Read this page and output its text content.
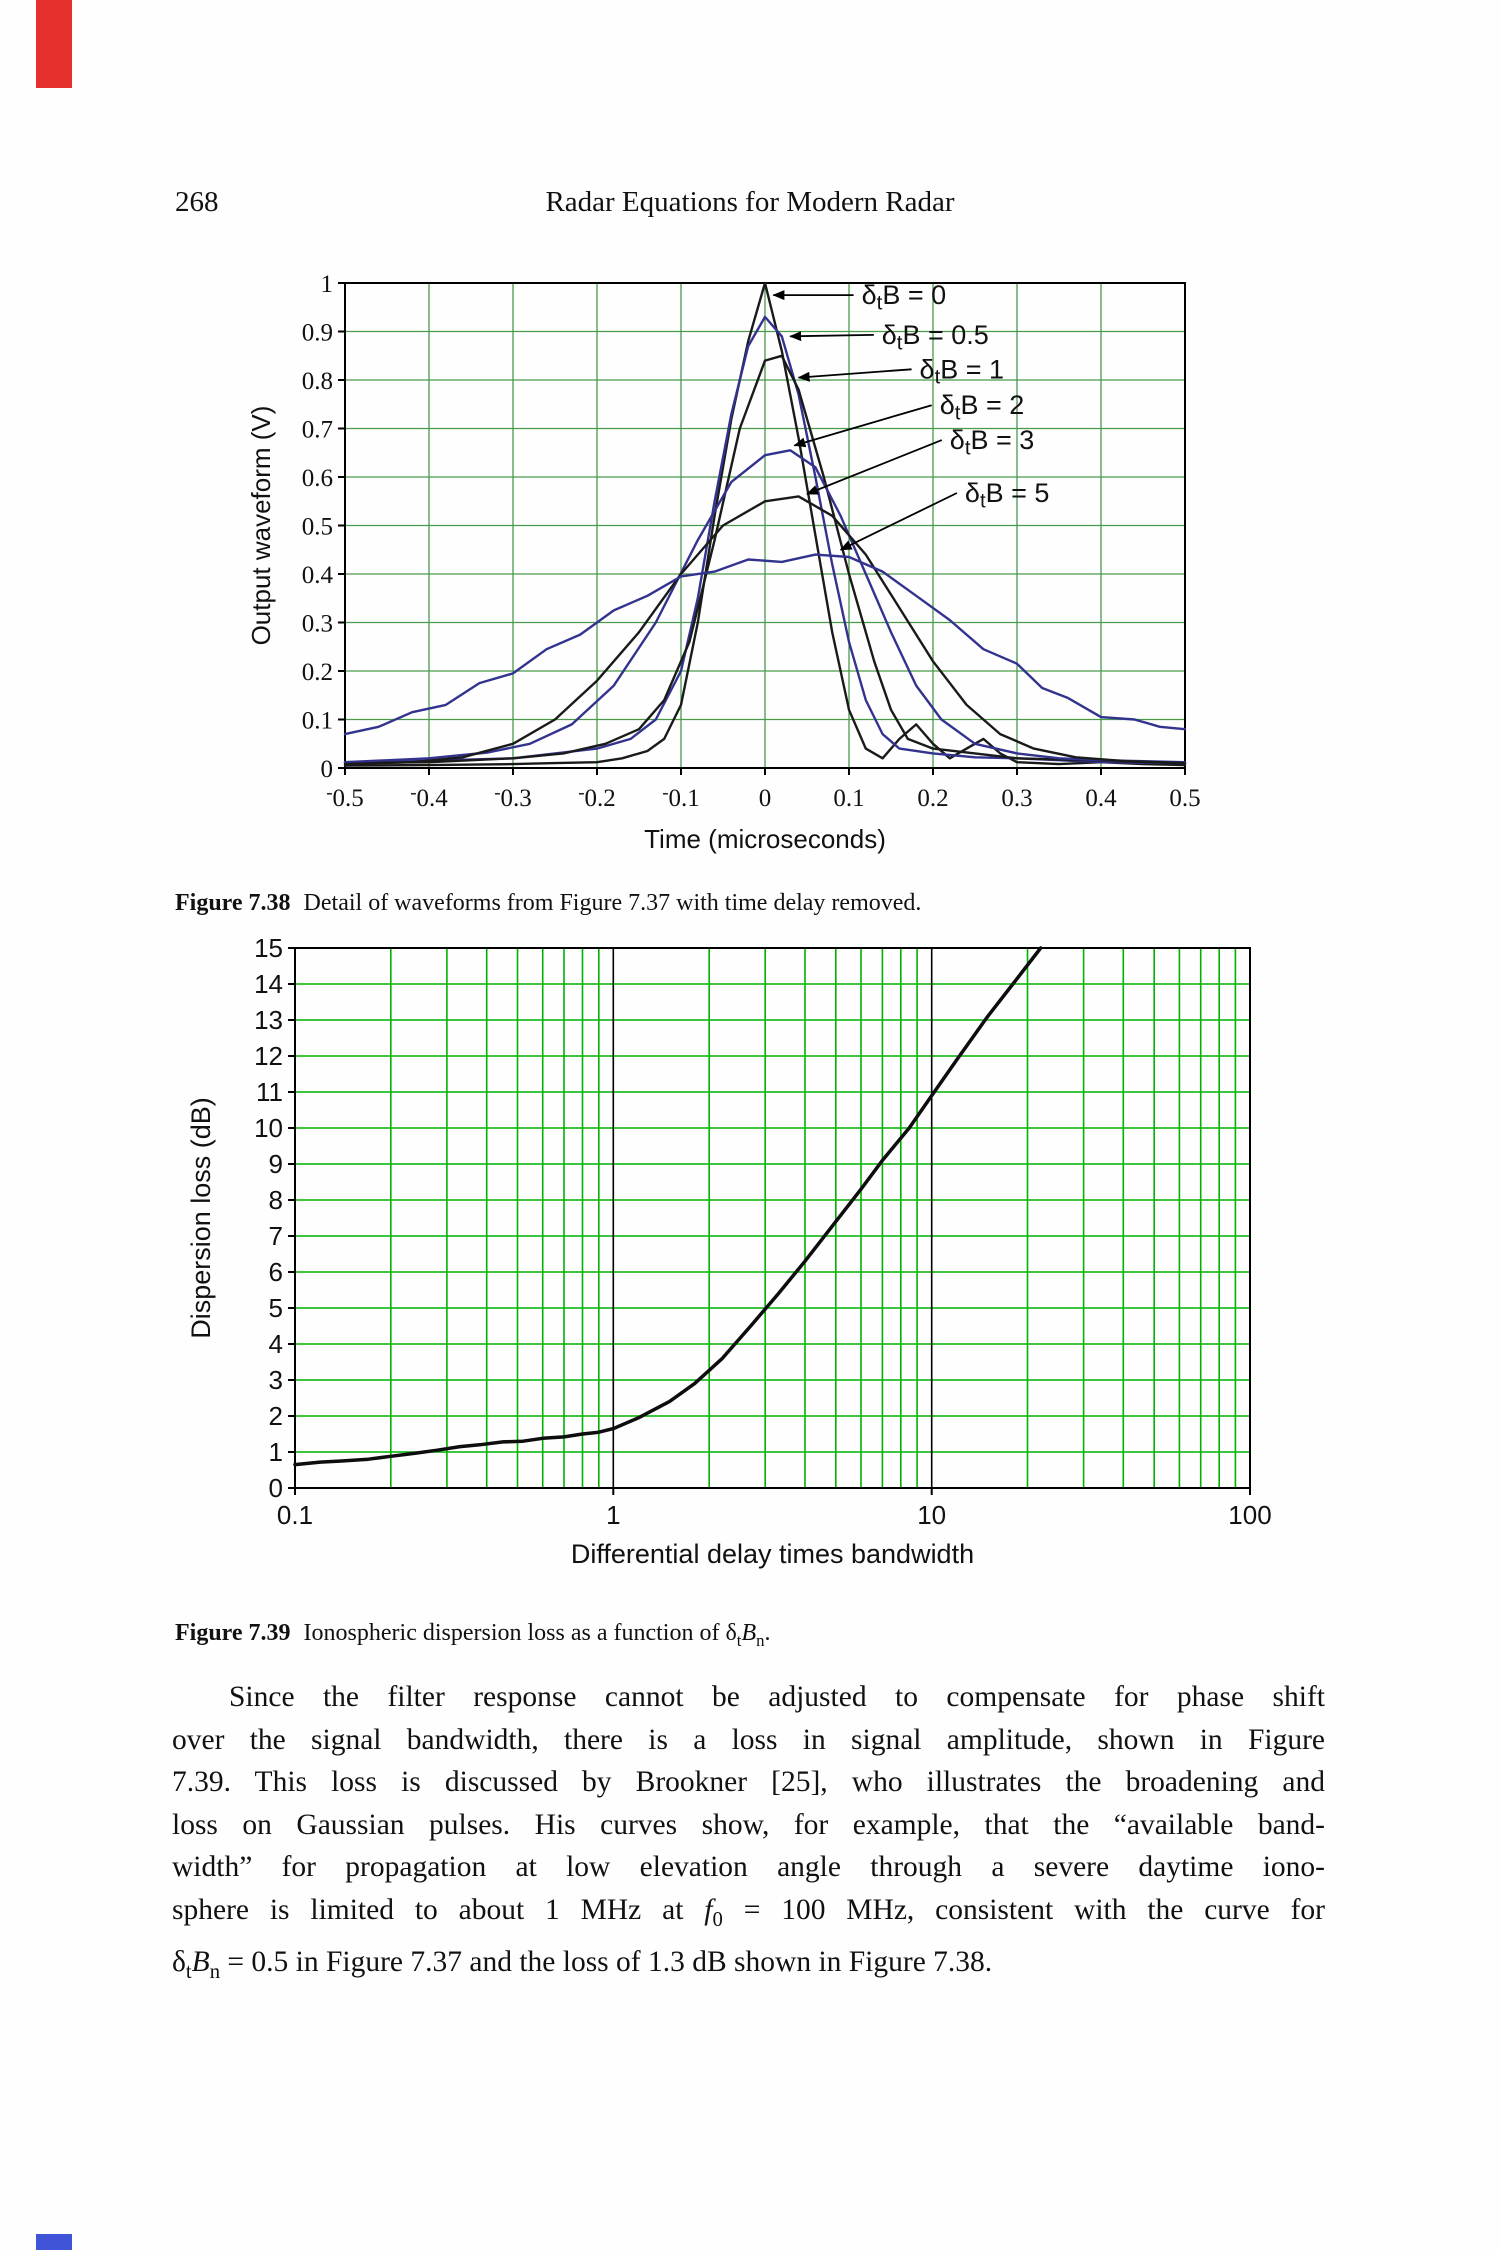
268	Radar Equations for Modern Radar
-0.5 -0.4 -0.3 -0.2 -0.1 0 0.1 0.2 0.3 0.4 0.5
0
0.1
0.2
0.3
0.4
0.5
0.6
0.7
0.8
0.9
1
Time (microseconds)
Output waveform (V)
$\delta_tB = 0$
$\delta_tB = 0.5$
$\delta_tB = 1$
$\delta_tB = 2$
$\delta_tB = 3$
$\delta_tB = 5$

Figure 7.38 Detail of waveforms from Figure 7.37 with time delay removed.

0.1	1	10	100
0
1
2
3
4
5
6
7
8
9
10
11
12
13
14
15
Differential delay times bandwidth
Dispersion loss (dB)

Figure 7.39 Ionospheric dispersion loss as a function of $\delta_tB_n$.

Since the filter response cannot be adjusted to compensate for phase shift
over the signal bandwidth, there is a loss in signal amplitude, shown in Figure
7.39. This loss is discussed by Brookner [25], who illustrates the broadening and
loss on Gaussian pulses. His curves show, for example, that the “available band-
width” for propagation at low elevation angle through a severe daytime iono-
sphere is limited to about 1 MHz at $f_0 = 100$ MHz, consistent with the curve for
$\delta_tB_n = 0.5$ in Figure 7.37 and the loss of 1.3 dB shown in Figure 7.38.
